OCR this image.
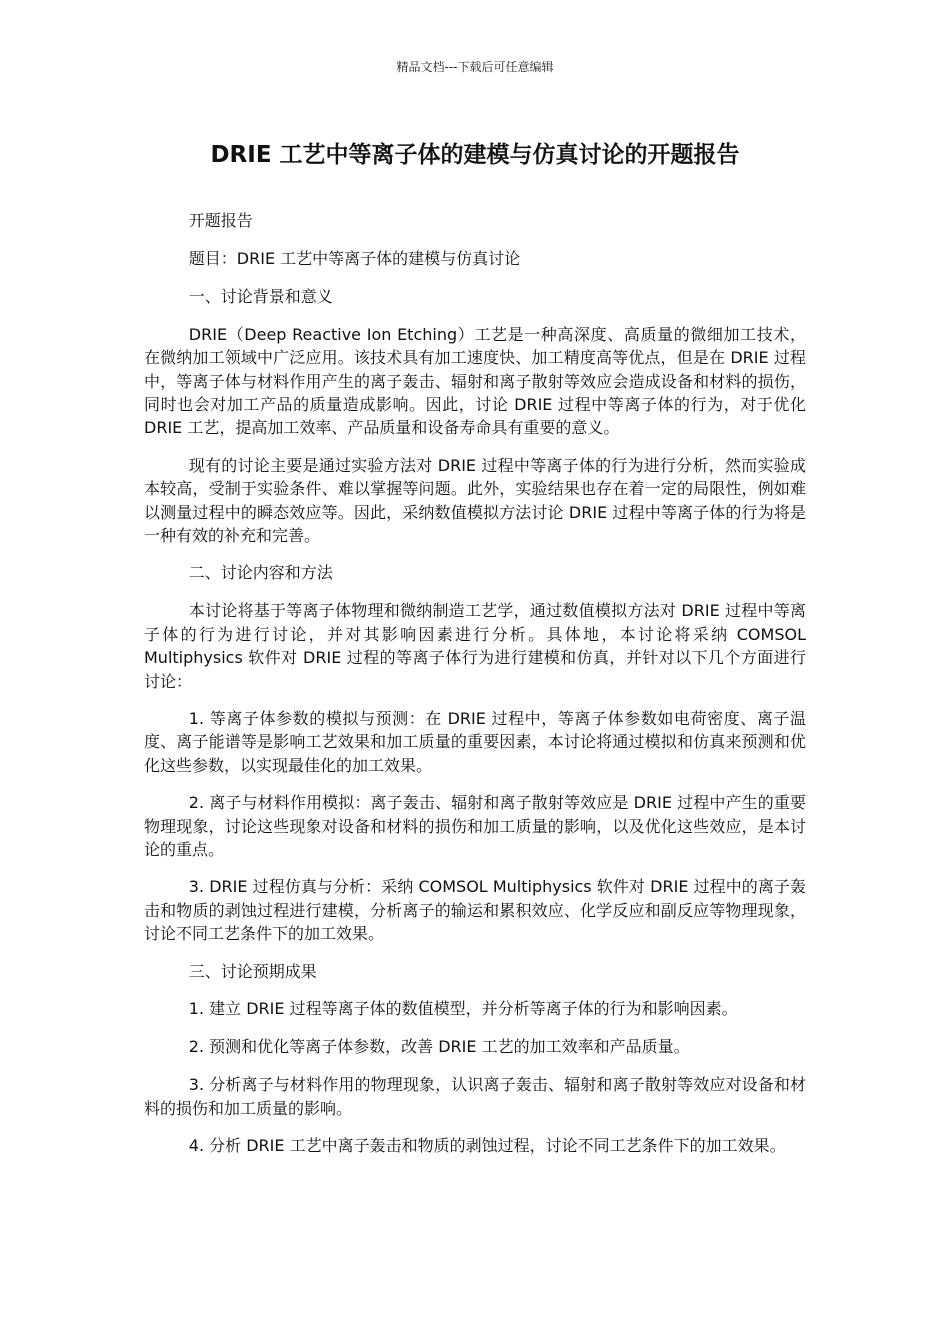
精品文档---下载后可任意编辑
DRIE 工艺中等离子体的建模与仿真讨论的开题报告

开题报告

题目：DRIE 工艺中等离子体的建模与仿真讨论

一、讨论背景和意义

DRIE（Deep Reactive Ion Etching）工艺是一种高深度、高质量的微细加工技术，在微纳加工领域中广泛应用。该技术具有加工速度快、加工精度高等优点，但是在 DRIE 过程中，等离子体与材料作用产生的离子轰击、辐射和离子散射等效应会造成设备和材料的损伤，同时也会对加工产品的质量造成影响。因此，讨论 DRIE 过程中等离子体的行为，对于优化 DRIE 工艺，提高加工效率、产品质量和设备寿命具有重要的意义。

现有的讨论主要是通过实验方法对 DRIE 过程中等离子体的行为进行分析，然而实验成本较高，受制于实验条件、难以掌握等问题。此外，实验结果也存在着一定的局限性，例如难以测量过程中的瞬态效应等。因此，采纳数值模拟方法讨论 DRIE 过程中等离子体的行为将是一种有效的补充和完善。

二、讨论内容和方法

本讨论将基于等离子体物理和微纳制造工艺学，通过数值模拟方法对 DRIE 过程中等离子体的行为进行讨论，并对其影响因素进行分析。具体地，本讨论将采纳 COMSOL Multiphysics 软件对 DRIE 过程的等离子体行为进行建模和仿真，并针对以下几个方面进行讨论：

1. 等离子体参数的模拟与预测：在 DRIE 过程中，等离子体参数如电荷密度、离子温度、离子能谱等是影响工艺效果和加工质量的重要因素，本讨论将通过模拟和仿真来预测和优化这些参数，以实现最佳化的加工效果。

2. 离子与材料作用模拟：离子轰击、辐射和离子散射等效应是 DRIE 过程中产生的重要物理现象，讨论这些现象对设备和材料的损伤和加工质量的影响，以及优化这些效应，是本讨论的重点。

3. DRIE 过程仿真与分析：采纳 COMSOL Multiphysics 软件对 DRIE 过程中的离子轰击和物质的剥蚀过程进行建模，分析离子的输运和累积效应、化学反应和副反应等物理现象，讨论不同工艺条件下的加工效果。

三、讨论预期成果

1. 建立 DRIE 过程等离子体的数值模型，并分析等离子体的行为和影响因素。

2. 预测和优化等离子体参数，改善 DRIE 工艺的加工效率和产品质量。

3. 分析离子与材料作用的物理现象，认识离子轰击、辐射和离子散射等效应对设备和材料的损伤和加工质量的影响。

4. 分析 DRIE 工艺中离子轰击和物质的剥蚀过程，讨论不同工艺条件下的加工效果。
